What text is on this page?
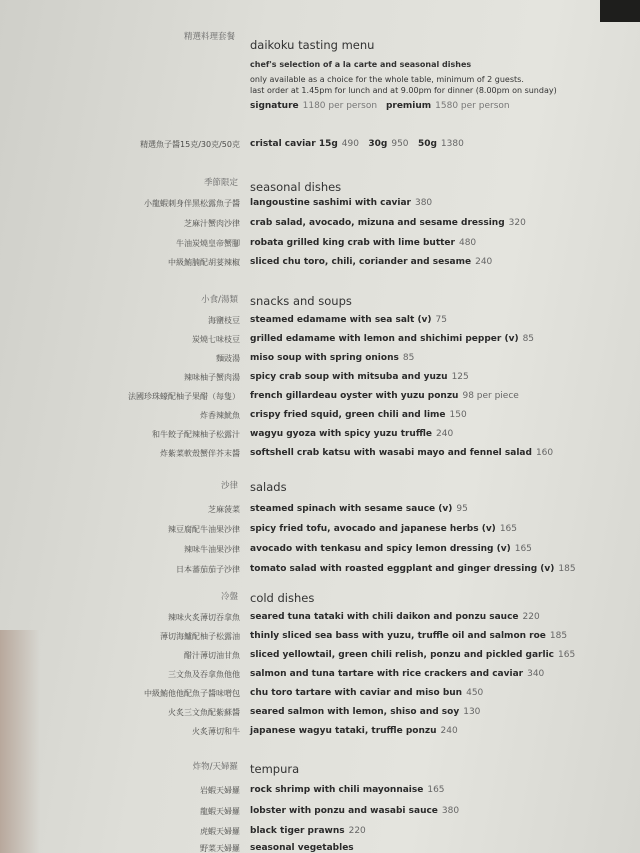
精選料理套餐
daikoku tasting menu
chef's selection of a la carte and seasonal dishes
only available as a choice for the whole table, minimum of 2 guests.
last order at 1.45pm for lunch and at 9.00pm for dinner (8.00pm on sunday)
signature 1180 per person premium 1580 per person
精選魚子醬15克/30克/50克 cristal caviar 15g 490 30g 950 50g 1380
季節限定 seasonal dishes
小龍蝦刺身伴黑松露魚子醬 langoustine sashimi with caviar 380
芝麻汁蟹肉沙律 crab salad, avocado, mizuna and sesame dressing 320
牛油炭燒皇帝蟹腳 robata grilled king crab with lime butter 480
中級鮪腩配胡荽辣椒 sliced chu toro, chili, coriander and sesame 240
小食/湯類 snacks and soups
海鹽枝豆 steamed edamame with sea salt (v) 75
炭燒七味枝豆 grilled edamame with lemon and shichimi pepper (v) 85
麵豉湯 miso soup with spring onions 85
辣味柚子蟹肉湯 spicy crab soup with mitsuba and yuzu 125
法國珍珠蠔配柚子果醋（每隻） french gillardeau oyster with yuzu ponzu 98 per piece
炸香辣魷魚 crispy fried squid, green chili and lime 150
和牛餃子配辣柚子松露汁 wagyu gyoza with spicy yuzu truffle 240
炸紫菜軟殼蟹伴芥末醬 softshell crab katsu with wasabi mayo and fennel salad 160
沙律 salads
芝麻菠菜 steamed spinach with sesame sauce (v) 95
辣豆腐配牛油果沙律 spicy fried tofu, avocado and japanese herbs (v) 165
辣味牛油果沙律 avocado with tenkasu and spicy lemon dressing (v) 165
日本蕃茄茄子沙律 tomato salad with roasted eggplant and ginger dressing (v) 185
冷盤 cold dishes
辣味火炙薄切吞拿魚 seared tuna tataki with chili daikon and ponzu sauce 220
薄切海鱸配柚子松露油 thinly sliced sea bass with yuzu, truffle oil and salmon roe 185
醋汁薄切油甘魚 sliced yellowtail, green chili relish, ponzu and pickled garlic 165
三文魚及吞拿魚他他 salmon and tuna tartare with rice crackers and caviar 340
中級鮪他他配魚子醬味噌包 chu toro tartare with caviar and miso bun 450
火炙三文魚配紫蘇醬 seared salmon with lemon, shiso and soy 130
火炙薄切和牛 japanese wagyu tataki, truffle ponzu 240
炸物/天婦羅 tempura
岩蝦天婦羅 rock shrimp with chili mayonnaise 165
龍蝦天婦羅 lobster with ponzu and wasabi sauce 380
虎蝦天婦羅 black tiger prawns 220
野菜天婦羅 seasonal vegetables
